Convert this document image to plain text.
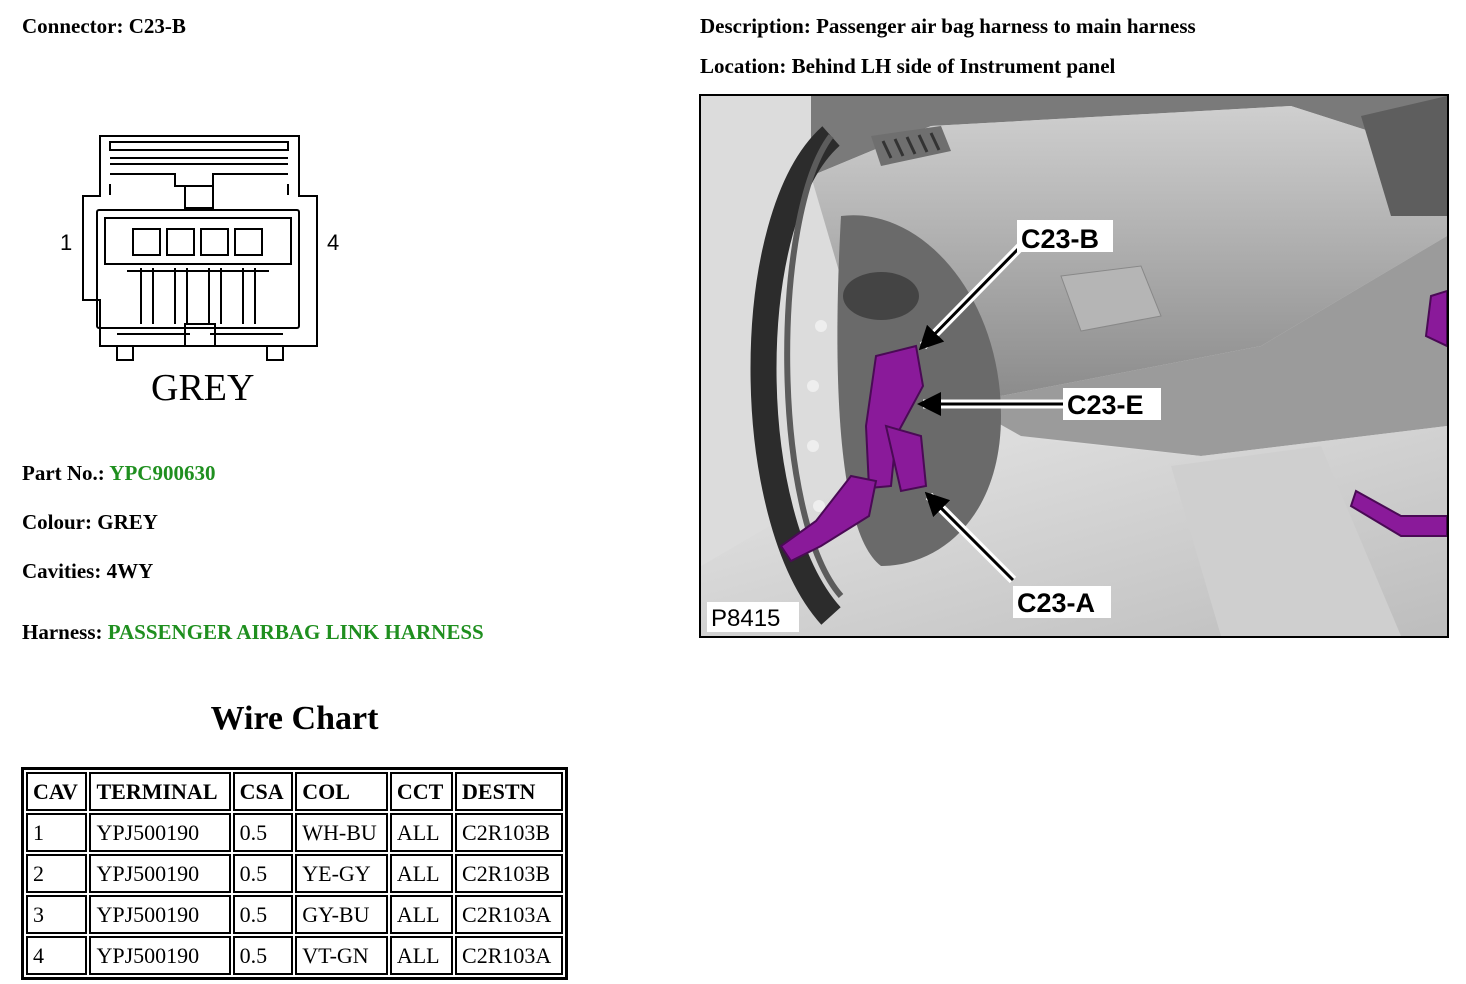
Connector: C23-B	Description: Passenger air bag harness to main harness
Location: Behind LH side of Instrument panel
1	4
GREY
Part No.: YPC900630
Colour: GREY
Cavities: 4WY
Harness: PASSENGER AIRBAG LINK HARNESS
Wire Chart
CAV	TERMINAL	CSA	COL	CCT	DESTN
1	YPJ500190	0.5	WH-BU	ALL	C2R103B
2	YPJ500190	0.5	YE-GY	ALL	C2R103B
3	YPJ500190	0.5	GY-BU	ALL	C2R103A
4	YPJ500190	0.5	VT-GN	ALL	C2R103A
C23-B
C23-E
C23-A
P8415
